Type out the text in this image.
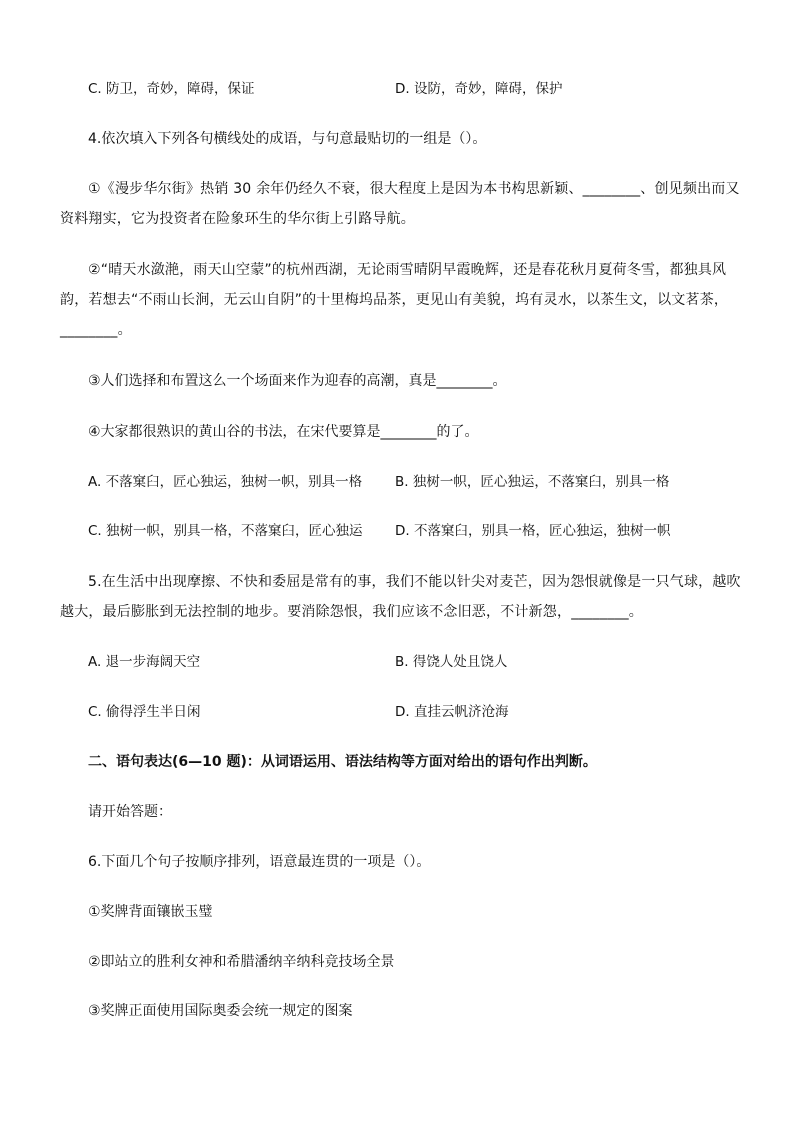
C. 防卫，奇妙，障碍，保证	D. 设防，奇妙，障碍，保护
4.依次填入下列各句横线处的成语，与句意最贴切的一组是（）。
①《漫步华尔街》热销 30 余年仍经久不衰，很大程度上是因为本书构思新颖、________、创见频出而又资料翔实，它为投资者在险象环生的华尔街上引路导航。
②“晴天水潋滟，雨天山空蒙”的杭州西湖，无论雨雪晴阴早霞晚辉，还是春花秋月夏荷冬雪，都独具风韵，若想去“不雨山长涧，无云山自阴”的十里梅坞品茶，更见山有美貌，坞有灵水，以茶生文，以文茗茶，________。
③人们选择和布置这么一个场面来作为迎春的高潮，真是________。
④大家都很熟识的黄山谷的书法，在宋代要算是________的了。
A. 不落窠臼，匠心独运，独树一帜，别具一格 B. 独树一帜，匠心独运，不落窠臼，别具一格
C. 独树一帜，别具一格，不落窠臼，匠心独运 D. 不落窠臼，别具一格，匠心独运，独树一帜
5.在生活中出现摩擦、不快和委屈是常有的事，我们不能以针尖对麦芒，因为怨恨就像是一只气球，越吹越大，最后膨胀到无法控制的地步。要消除怨恨，我们应该不念旧恶，不计新怨，________。
A. 退一步海阔天空	B. 得饶人处且饶人
C. 偷得浮生半日闲	D. 直挂云帆济沧海
二、语句表达(6—10 题)：从词语运用、语法结构等方面对给出的语句作出判断。
请开始答题：
6.下面几个句子按顺序排列，语意最连贯的一项是（）。
①奖牌背面镶嵌玉璧
②即站立的胜利女神和希腊潘纳辛纳科竞技场全景
③奖牌正面使用国际奥委会统一规定的图案
